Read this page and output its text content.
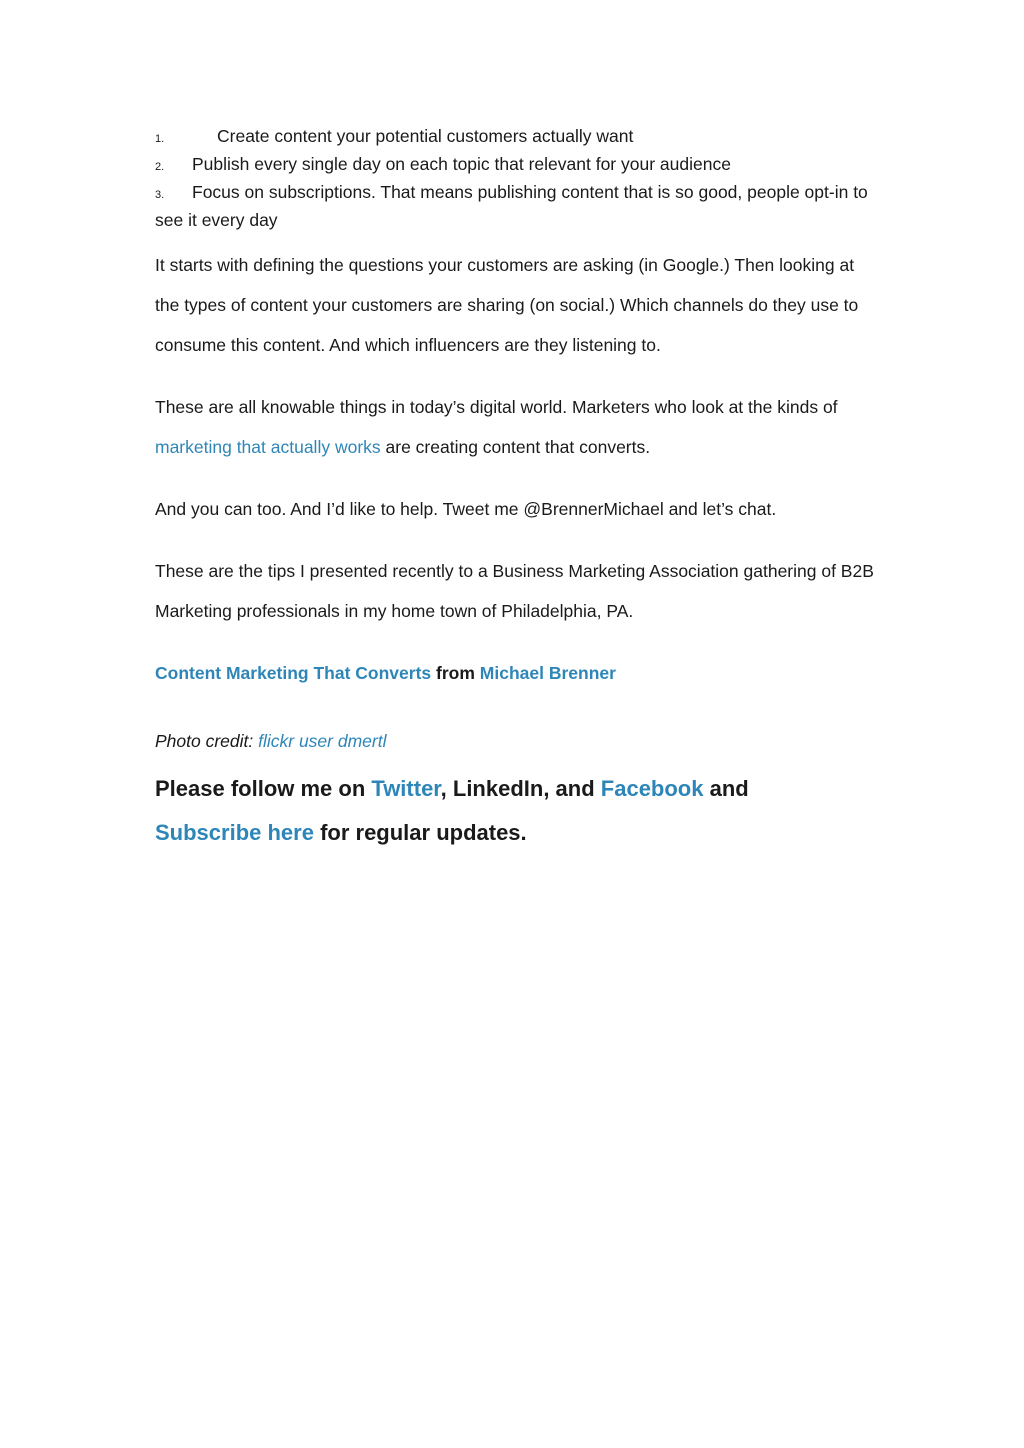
1.	Create content your potential customers actually want
2. Publish every single day on each topic that relevant for your audience
3. Focus on subscriptions. That means publishing content that is so good, people opt-in to see it every day

It starts with defining the questions your customers are asking (in Google.) Then looking at the types of content your customers are sharing (on social.) Which channels do they use to consume this content. And which influencers are they listening to.

These are all knowable things in today’s digital world. Marketers who look at the kinds of marketing that actually works are creating content that converts.

And you can too. And I’d like to help. Tweet me @BrennerMichael and let’s chat.

These are the tips I presented recently to a Business Marketing Association gathering of B2B Marketing professionals in my home town of Philadelphia, PA.

Content Marketing That Converts from Michael Brenner
Photo credit: flickr user dmertl
Please follow me on Twitter, LinkedIn, and Facebook and Subscribe here for regular updates.
